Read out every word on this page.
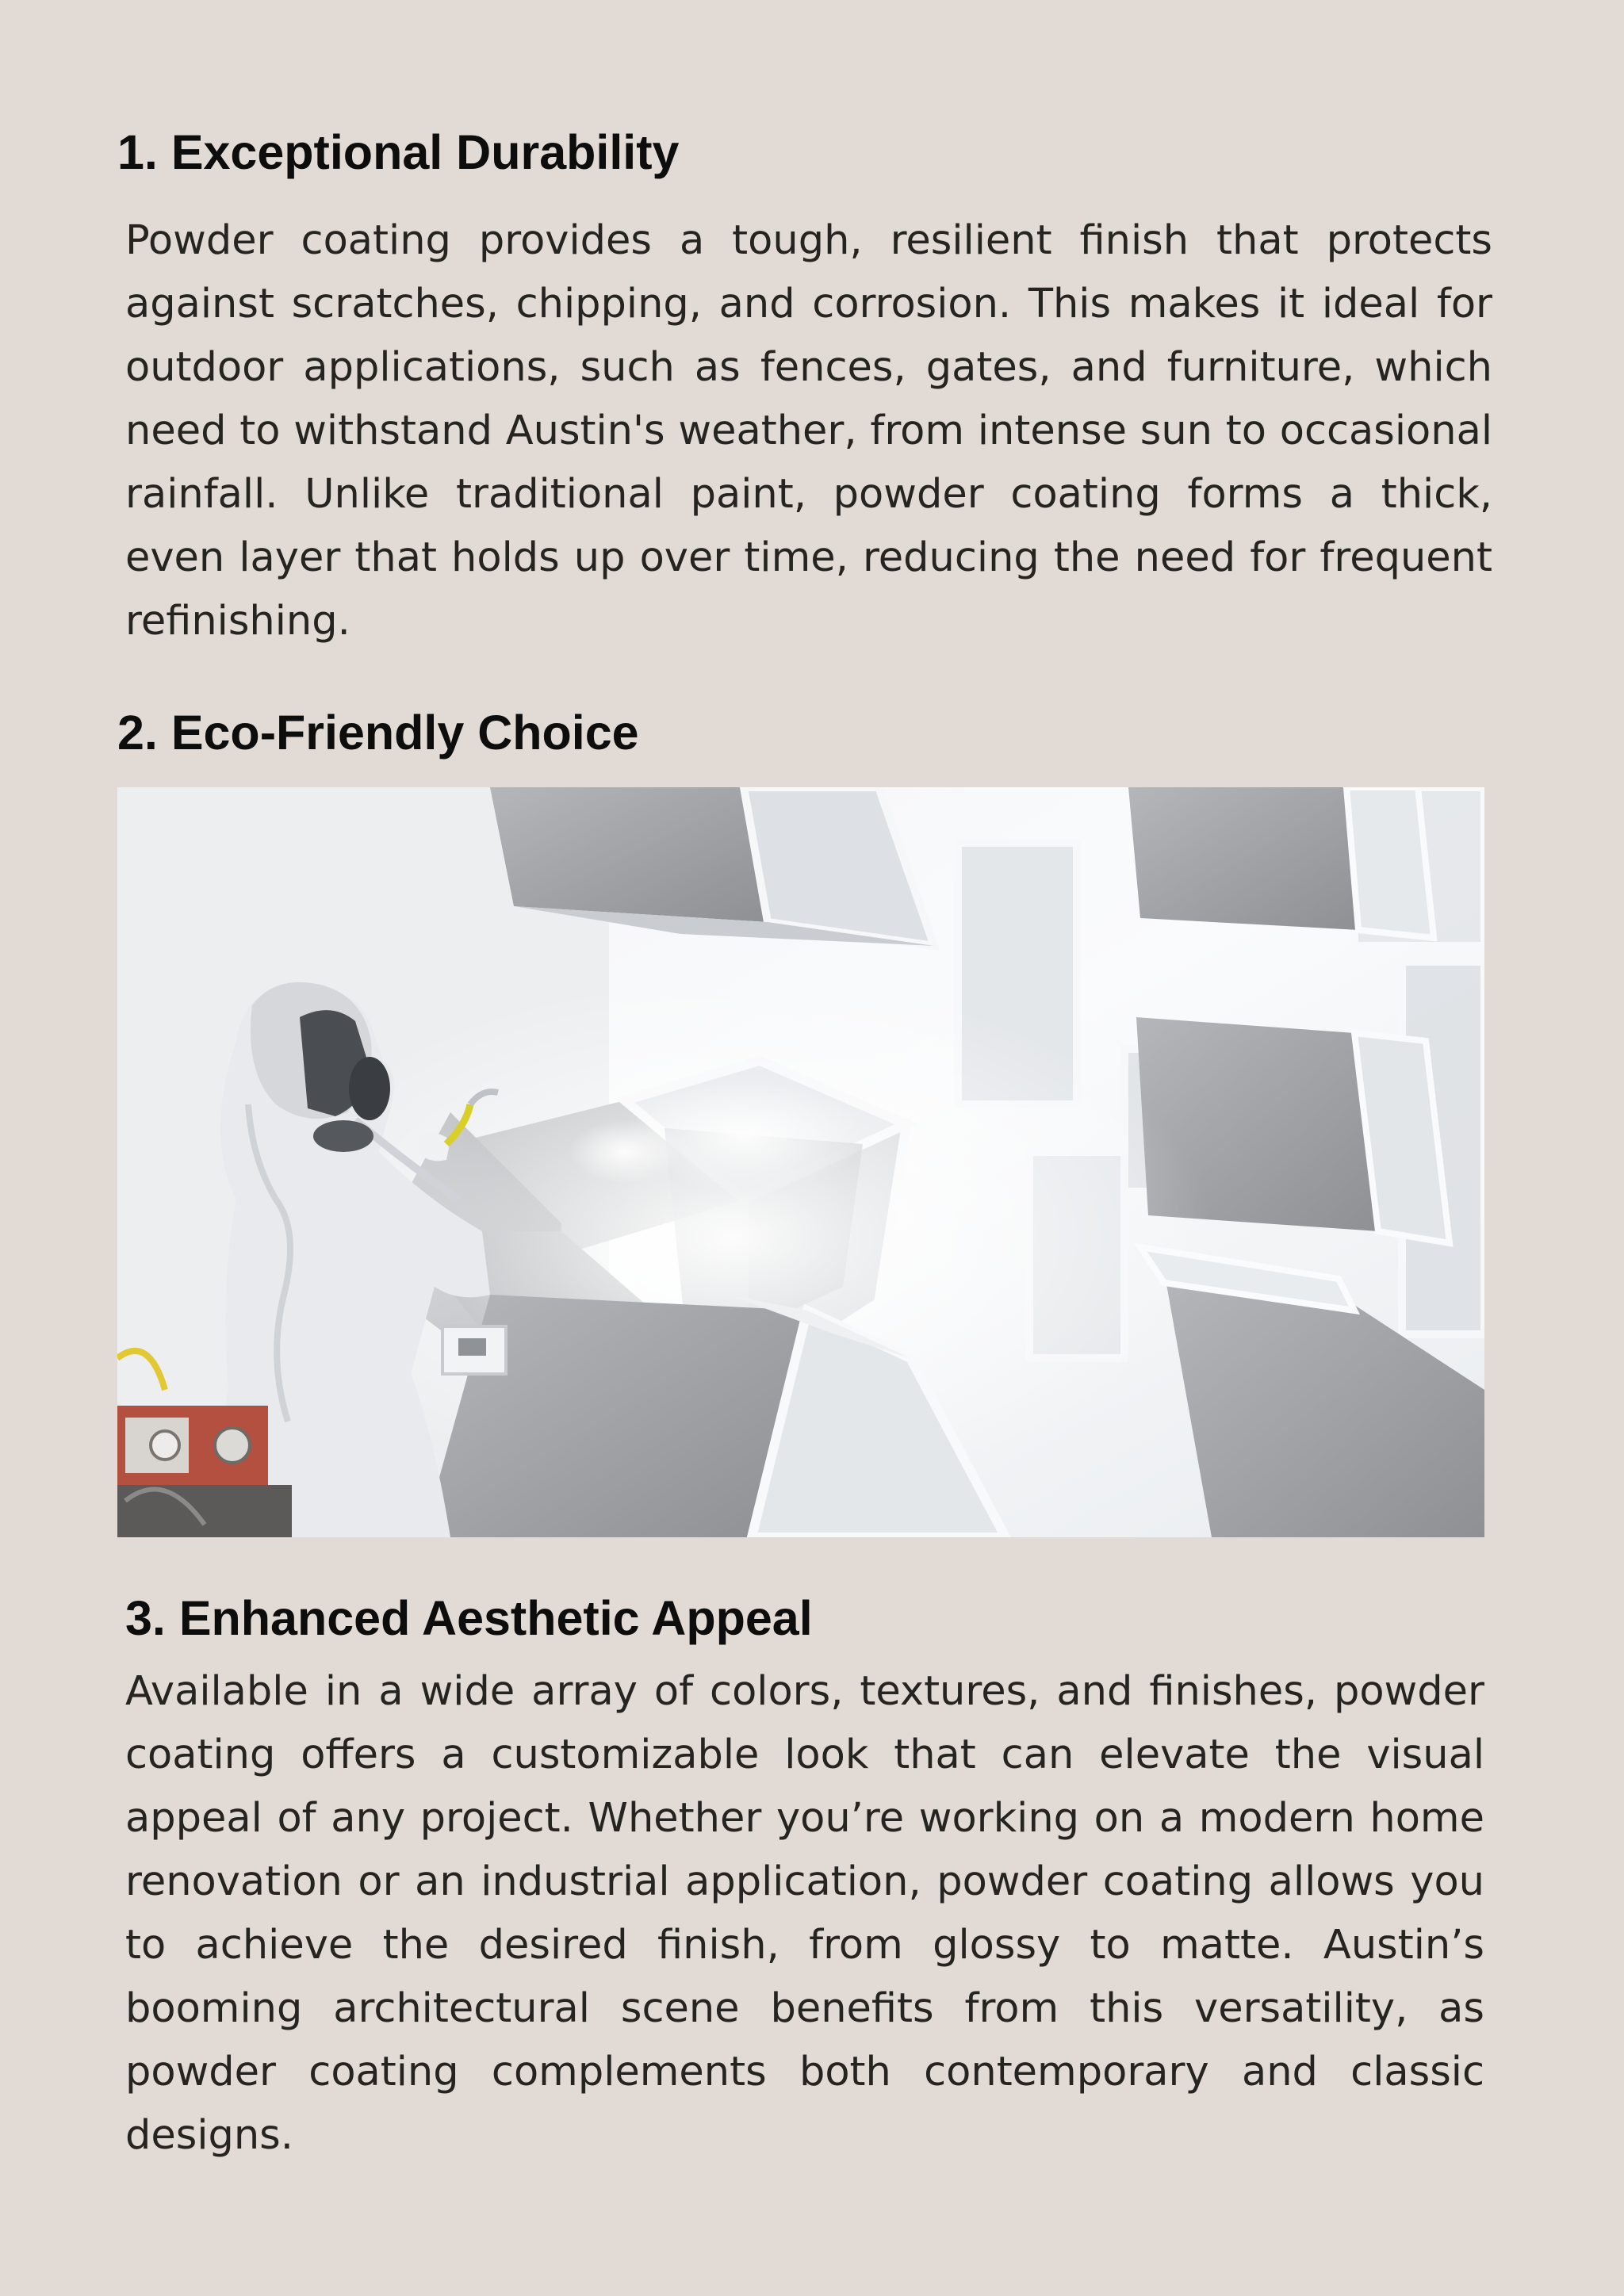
1. Exceptional Durability

Powder coating provides a tough, resilient finish that protects against scratches, chipping, and corrosion. This makes it ideal for outdoor applications, such as fences, gates, and furniture, which need to withstand Austin's weather, from intense sun to occasional rainfall. Unlike traditional paint, powder coating forms a thick, even layer that holds up over time, reducing the need for frequent refinishing.

2. Eco-Friendly Choice
3. Enhanced Aesthetic Appeal

Available in a wide array of colors, textures, and finishes, powder coating offers a customizable look that can elevate the visual appeal of any project. Whether you’re working on a modern home renovation or an industrial application, powder coating allows you to achieve the desired finish, from glossy to matte. Austin’s booming architectural scene benefits from this versatility, as powder coating complements both contemporary and classic designs.
